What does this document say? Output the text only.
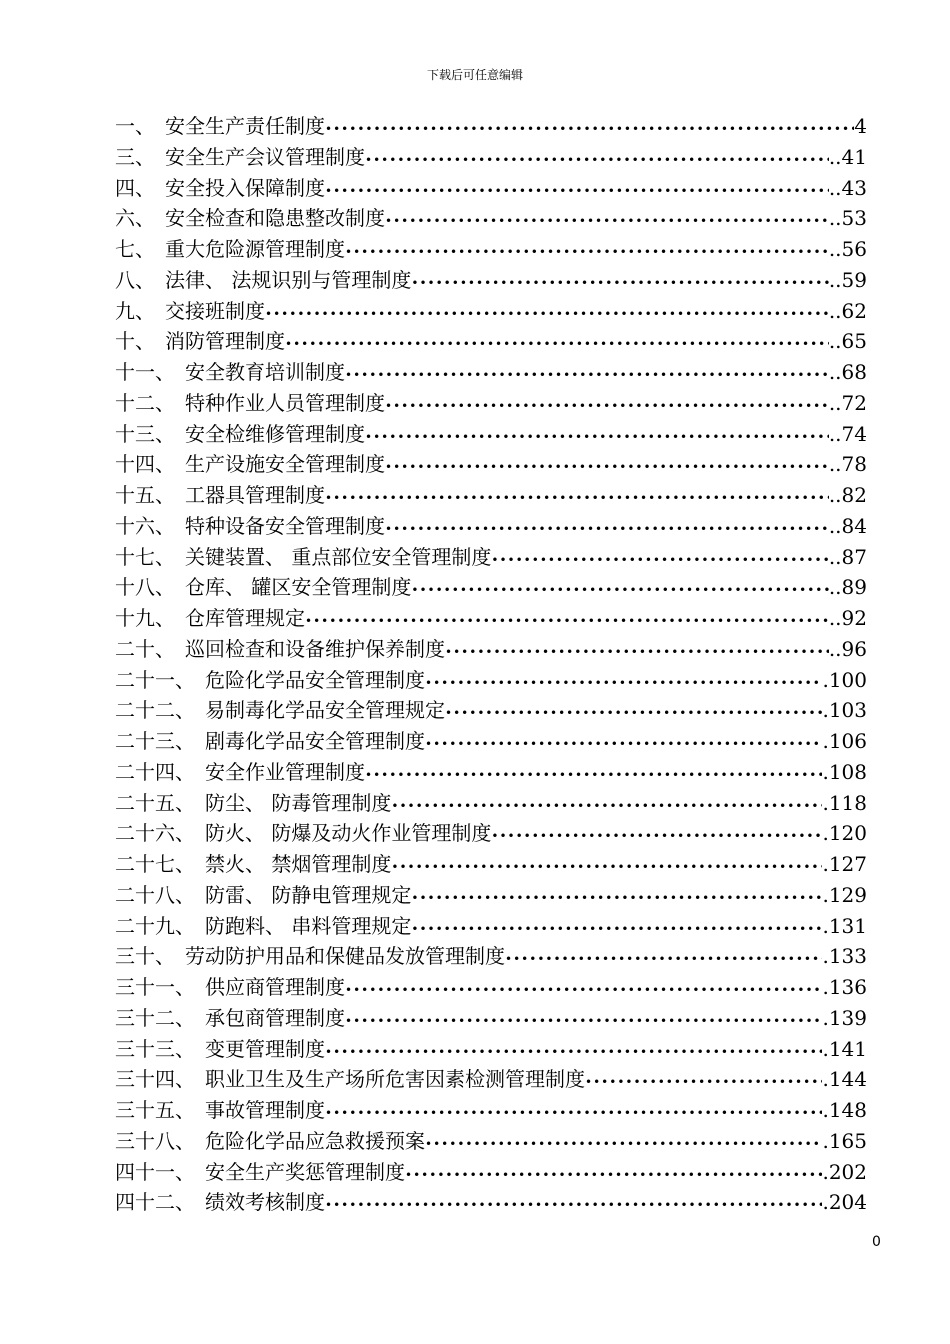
下载后可任意编辑
一、 安全生产责任制度 •••••	4
三、 安全生产会议管理制度 •••••	..41
四、 安全投入保障制度 •••••	..43
六、 安全检查和隐患整改制度 •••••	..53
七、 重大危险源管理制度 •••••	..56
八、 法律、 法规识别与管理制度 •••••	..59
九、 交接班制度 •••••	..62
十、 消防管理制度 •••••	..65
十一、 安全教育培训制度 •••••	..68
十二、 特种作业人员管理制度 •••••	..72
十三、 安全检维修管理制度 •••••	..74
十四、 生产设施安全管理制度 •••••	..78
十五、 工器具管理制度 •••••	..82
十六、 特种设备安全管理制度 •••••	..84
十七、 关键装置、 重点部位安全管理制度 •••••	..87
十八、 仓库、 罐区安全管理制度 •••••	..89
十九、 仓库管理规定 •••••	..92
二十、 巡回检查和设备维护保养制度 •••••	..96
二十一、 危险化学品安全管理制度 •••••	.100
二十二、 易制毒化学品安全管理规定 •••••	.103
二十三、 剧毒化学品安全管理制度 •••••	.106
二十四、 安全作业管理制度 •••••	.108
二十五、 防尘、 防毒管理制度 •••••	.118
二十六、 防火、 防爆及动火作业管理制度 •••••	.120
二十七、 禁火、 禁烟管理制度 •••••	.127
二十八、 防雷、 防静电管理规定 •••••	.129
二十九、 防跑料、 串料管理规定 •••••	.131
三十、 劳动防护用品和保健品发放管理制度 •••••	.133
三十一、 供应商管理制度 •••••	.136
三十二、 承包商管理制度 •••••	.139
三十三、 变更管理制度 •••••	.141
三十四、 职业卫生及生产场所危害因素检测管理制度 •••••	.144
三十五、 事故管理制度 •••••	.148
三十八、 危险化学品应急救援预案 •••••	.165
四十一、 安全生产奖惩管理制度 •••••	.202
四十二、 绩效考核制度 •••••	.204
0
